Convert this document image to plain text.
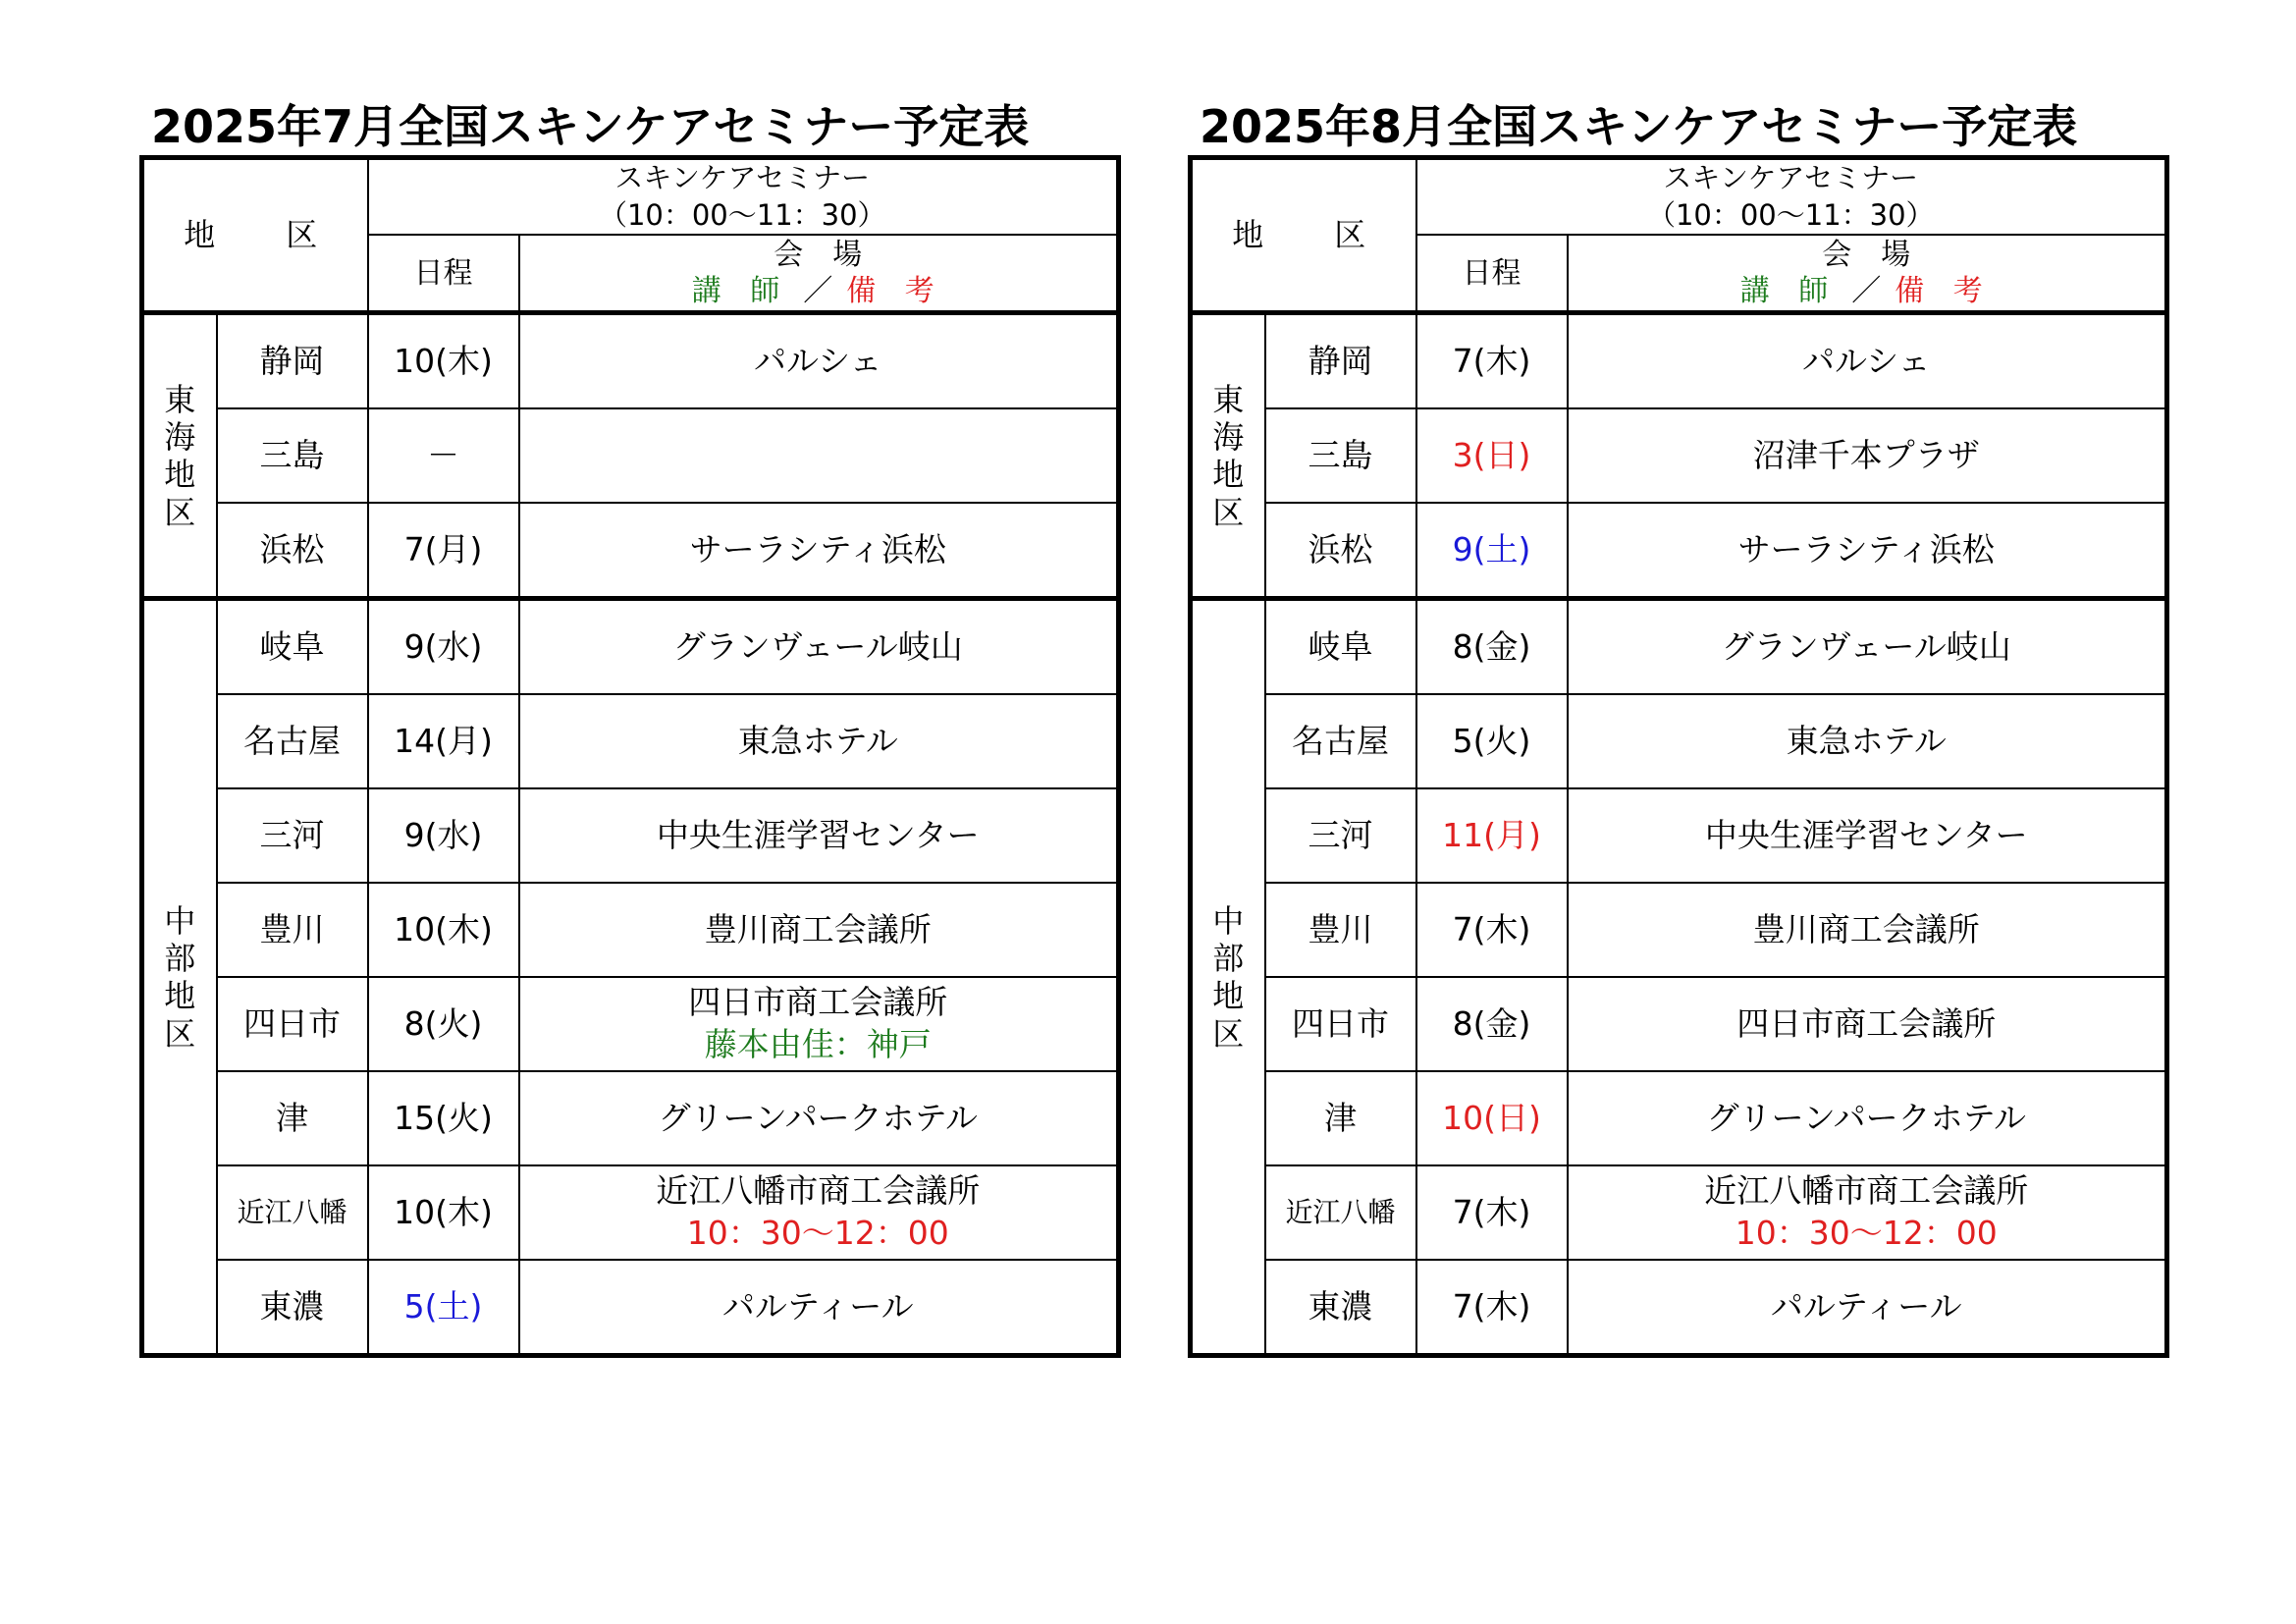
2025年7月全国スキンケアセミナー予定表
地　区		スキンケアセミナー
（10：00～11：30）	

		日程	会　場
講 師 ／ 備 考

東
海
地
区	静岡	10(木)	パルシェ

	三島	－	

	浜松	7(月)	サーラシティ浜松

中
部
地
区	岐阜	9(水)	グランヴェール岐山

	名古屋	14(月)	東急ホテル

	三河	9(水)	中央生涯学習センター

	豊川	10(木)	豊川商工会議所

	四日市	8(火)	四日市商工会議所
藤本由佳：神戸

	津	15(火)	グリーンパークホテル

	近江八幡	10(木)	近江八幡市商工会議所
10：30～12：00

	東濃	5(土)	パルティール
2025年8月全国スキンケアセミナー予定表
地　区		スキンケアセミナー
（10：00～11：30）	

		日程	会　場
講 師 ／ 備 考

東
海
地
区	静岡	7(木)	パルシェ

	三島	3(日)	沼津千本プラザ

	浜松	9(土)	サーラシティ浜松

中
部
地
区	岐阜	8(金)	グランヴェール岐山

	名古屋	5(火)	東急ホテル

	三河	11(月)	中央生涯学習センター

	豊川	7(木)	豊川商工会議所

	四日市	8(金)	四日市商工会議所

	津	10(日)	グリーンパークホテル

	近江八幡	7(木)	近江八幡市商工会議所
10：30～12：00

	東濃	7(木)	パルティール
